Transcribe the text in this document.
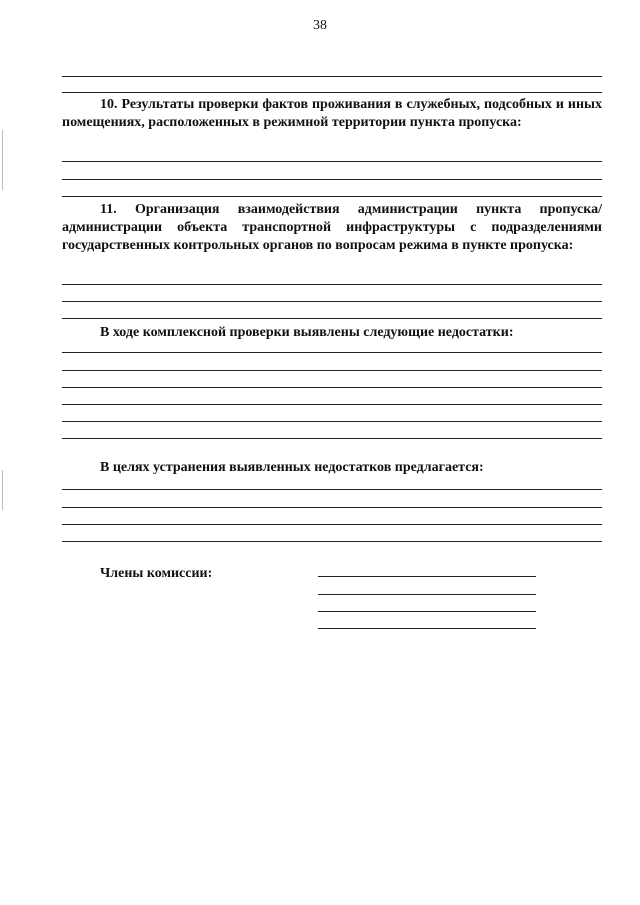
38
10. Результаты проверки фактов проживания в служебных, подсобных и иных помещениях, расположенных в режимной территории пункта пропуска:
11. Организация взаимодействия администрации пункта пропуска/ администрации объекта транспортной инфраструктуры с подразделениями государственных контрольных органов по вопросам режима в пункте пропуска:
В ходе комплексной проверки выявлены следующие недостатки:
В целях устранения выявленных недостатков предлагается:
Члены комиссии:
